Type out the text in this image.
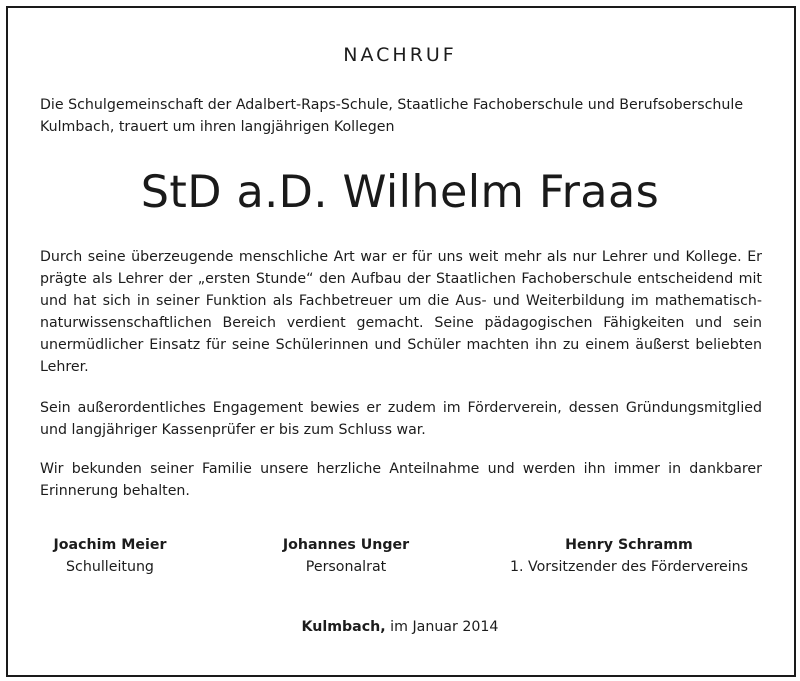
NACHRUF

Die Schulgemeinschaft der Adalbert-Raps-Schule, Staatliche Fachoberschule und Berufsoberschule Kulmbach, trauert um ihren langjährigen Kollegen

StD a.D. Wilhelm Fraas

Durch seine überzeugende menschliche Art war er für uns weit mehr als nur Lehrer und Kollege. Er prägte als Lehrer der „ersten Stunde“ den Aufbau der Staatlichen Fachoberschule entscheidend mit und hat sich in seiner Funktion als Fachbetreuer um die Aus- und Weiterbildung im mathematisch-naturwissenschaftlichen Bereich verdient gemacht. Seine pädagogischen Fähigkeiten und sein unermüdlicher Einsatz für seine Schülerinnen und Schüler machten ihn zu einem äußerst beliebten Lehrer.

Sein außerordentliches Engagement bewies er zudem im Förderverein, dessen Gründungsmitglied und langjähriger Kassenprüfer er bis zum Schluss war.

Wir bekunden seiner Familie unsere herzliche Anteilnahme und werden ihn immer in dankbarer Erinnerung behalten.

Joachim Meier
Schulleitung
Johannes Unger
Personalrat
Henry Schramm
1. Vorsitzender des Fördervereins
Kulmbach, im Januar 2014
